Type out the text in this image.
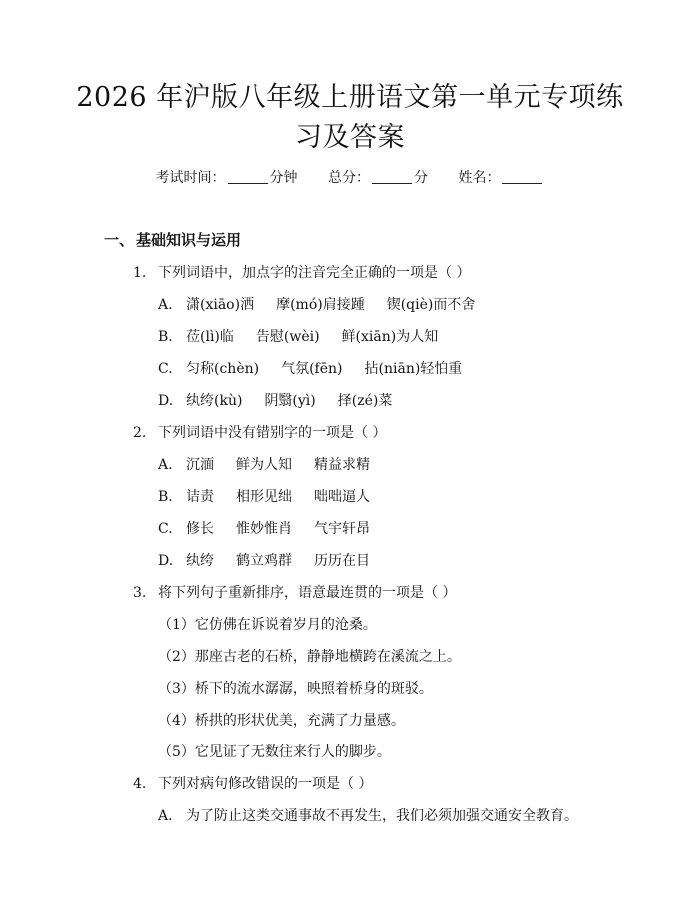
2026 年沪版八年级上册语文第一单元专项练
习及答案
考试时间：	分钟 总分：	分 姓名：
一、 基础知识与运用
1. 下列词语中，加点字的注音完全正确的一项是（ ）
A. 潇(xiāo)洒 摩(mó)肩接踵 锲(qiè)而不舍
B. 莅(lì)临 告慰(wèi) 鲜(xiān)为人知
C. 匀称(chèn) 气氛(fēn) 拈(niān)轻怕重
D. 纨绔(kù) 阴翳(yì) 择(zé)菜
2. 下列词语中没有错别字的一项是（ ）
A. 沉湎 鲜为人知 精益求精
B. 诘责 相形见绌 咄咄逼人
C. 修长 惟妙惟肖 气宇轩昂
D. 纨绔 鹤立鸡群 历历在目
3. 将下列句子重新排序，语意最连贯的一项是（ ）
（1）它仿佛在诉说着岁月的沧桑。
（2）那座古老的石桥，静静地横跨在溪流之上。
（3）桥下的流水潺潺，映照着桥身的斑驳。
（4）桥拱的形状优美，充满了力量感。
（5）它见证了无数往来行人的脚步。
4. 下列对病句修改错误的一项是（ ）
A. 为了防止这类交通事故不再发生，我们必须加强交通安全教育。
